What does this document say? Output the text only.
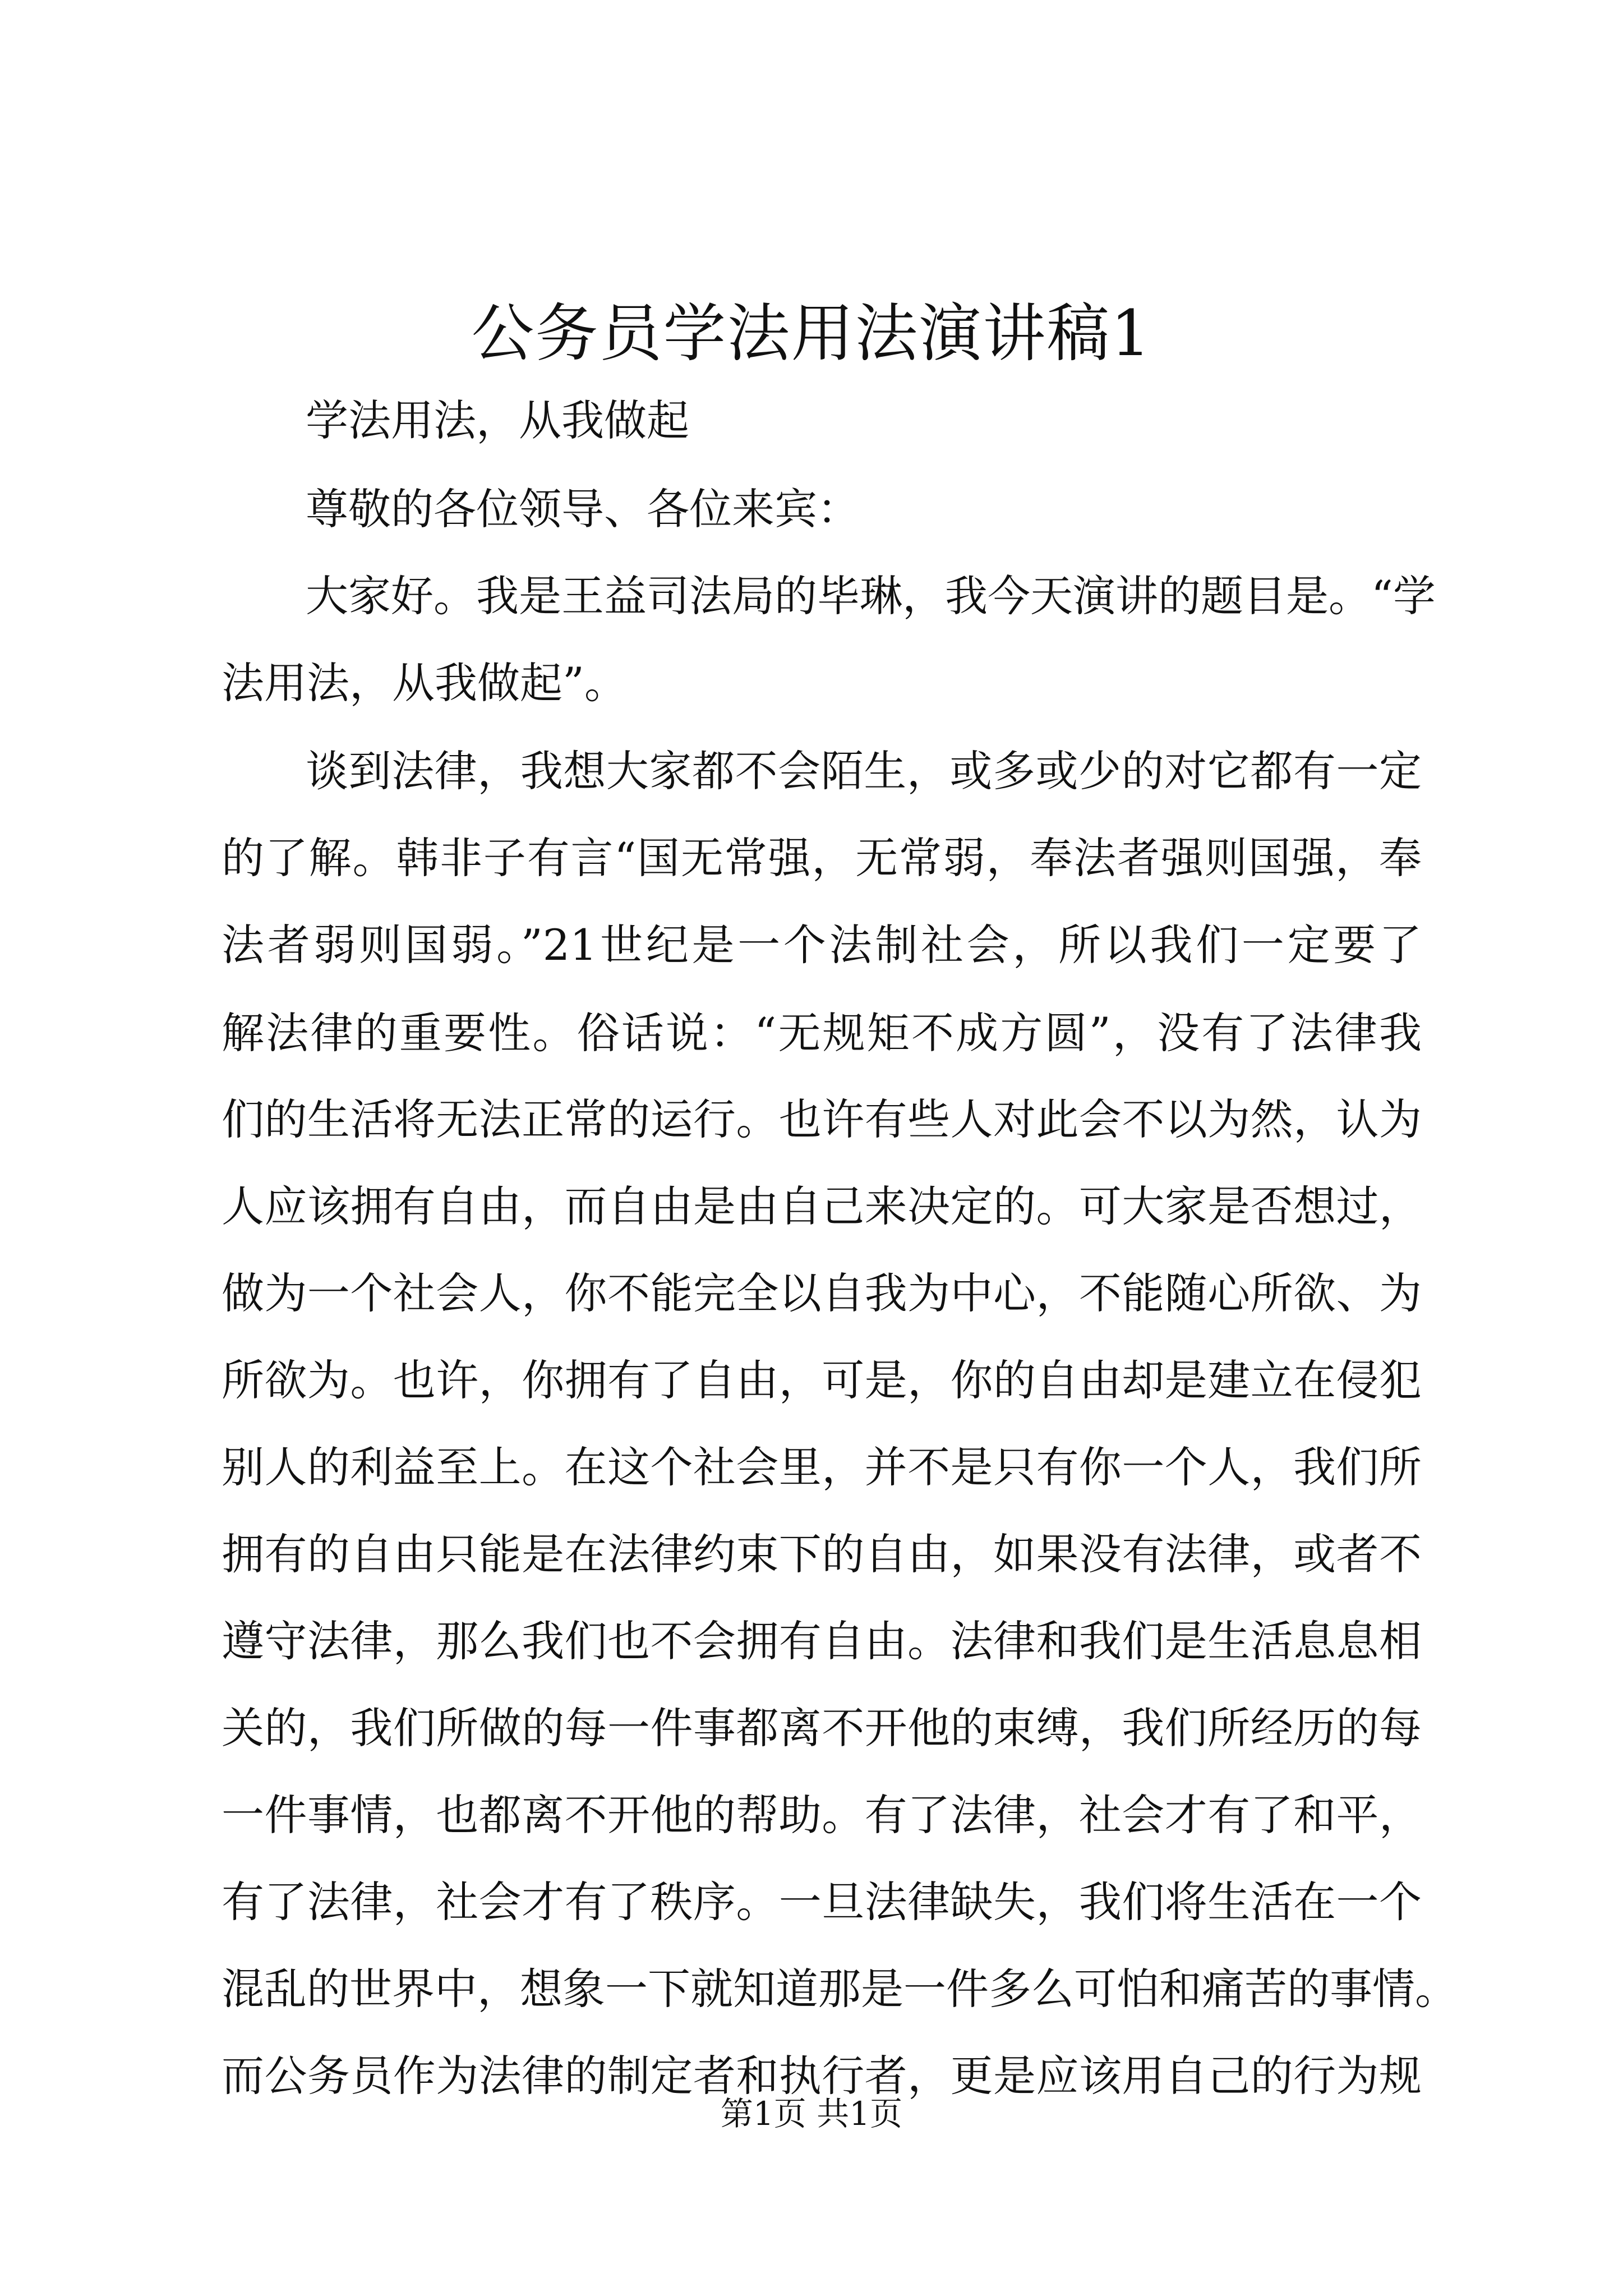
公务员学法用法演讲稿1

学法用法，从我做起

尊敬的各位领导、各位来宾：

大家好。我是王益司法局的毕琳，我今天演讲的题目是。“学

法用法，从我做起”。

谈到法律，我想大家都不会陌生，或多或少的对它都有一定

的了解。韩非子有言“国无常强，无常弱，奉法者强则国强，奉

法者弱则国弱。”21世纪是一个法制社会，所以我们一定要了

解法律的重要性。俗话说：“无规矩不成方圆”，没有了法律我

们的生活将无法正常的运行。也许有些人对此会不以为然，认为

人应该拥有自由，而自由是由自己来决定的。可大家是否想过，

做为一个社会人，你不能完全以自我为中心，不能随心所欲、为

所欲为。也许，你拥有了自由，可是，你的自由却是建立在侵犯

别人的利益至上。在这个社会里，并不是只有你一个人，我们所

拥有的自由只能是在法律约束下的自由，如果没有法律，或者不

遵守法律，那么我们也不会拥有自由。法律和我们是生活息息相

关的，我们所做的每一件事都离不开他的束缚，我们所经历的每

一件事情，也都离不开他的帮助。有了法律，社会才有了和平，

有了法律，社会才有了秩序。一旦法律缺失，我们将生活在一个

混乱的世界中，想象一下就知道那是一件多么可怕和痛苦的事情。

而公务员作为法律的制定者和执行者，更是应该用自己的行为规

第1页 共1页
